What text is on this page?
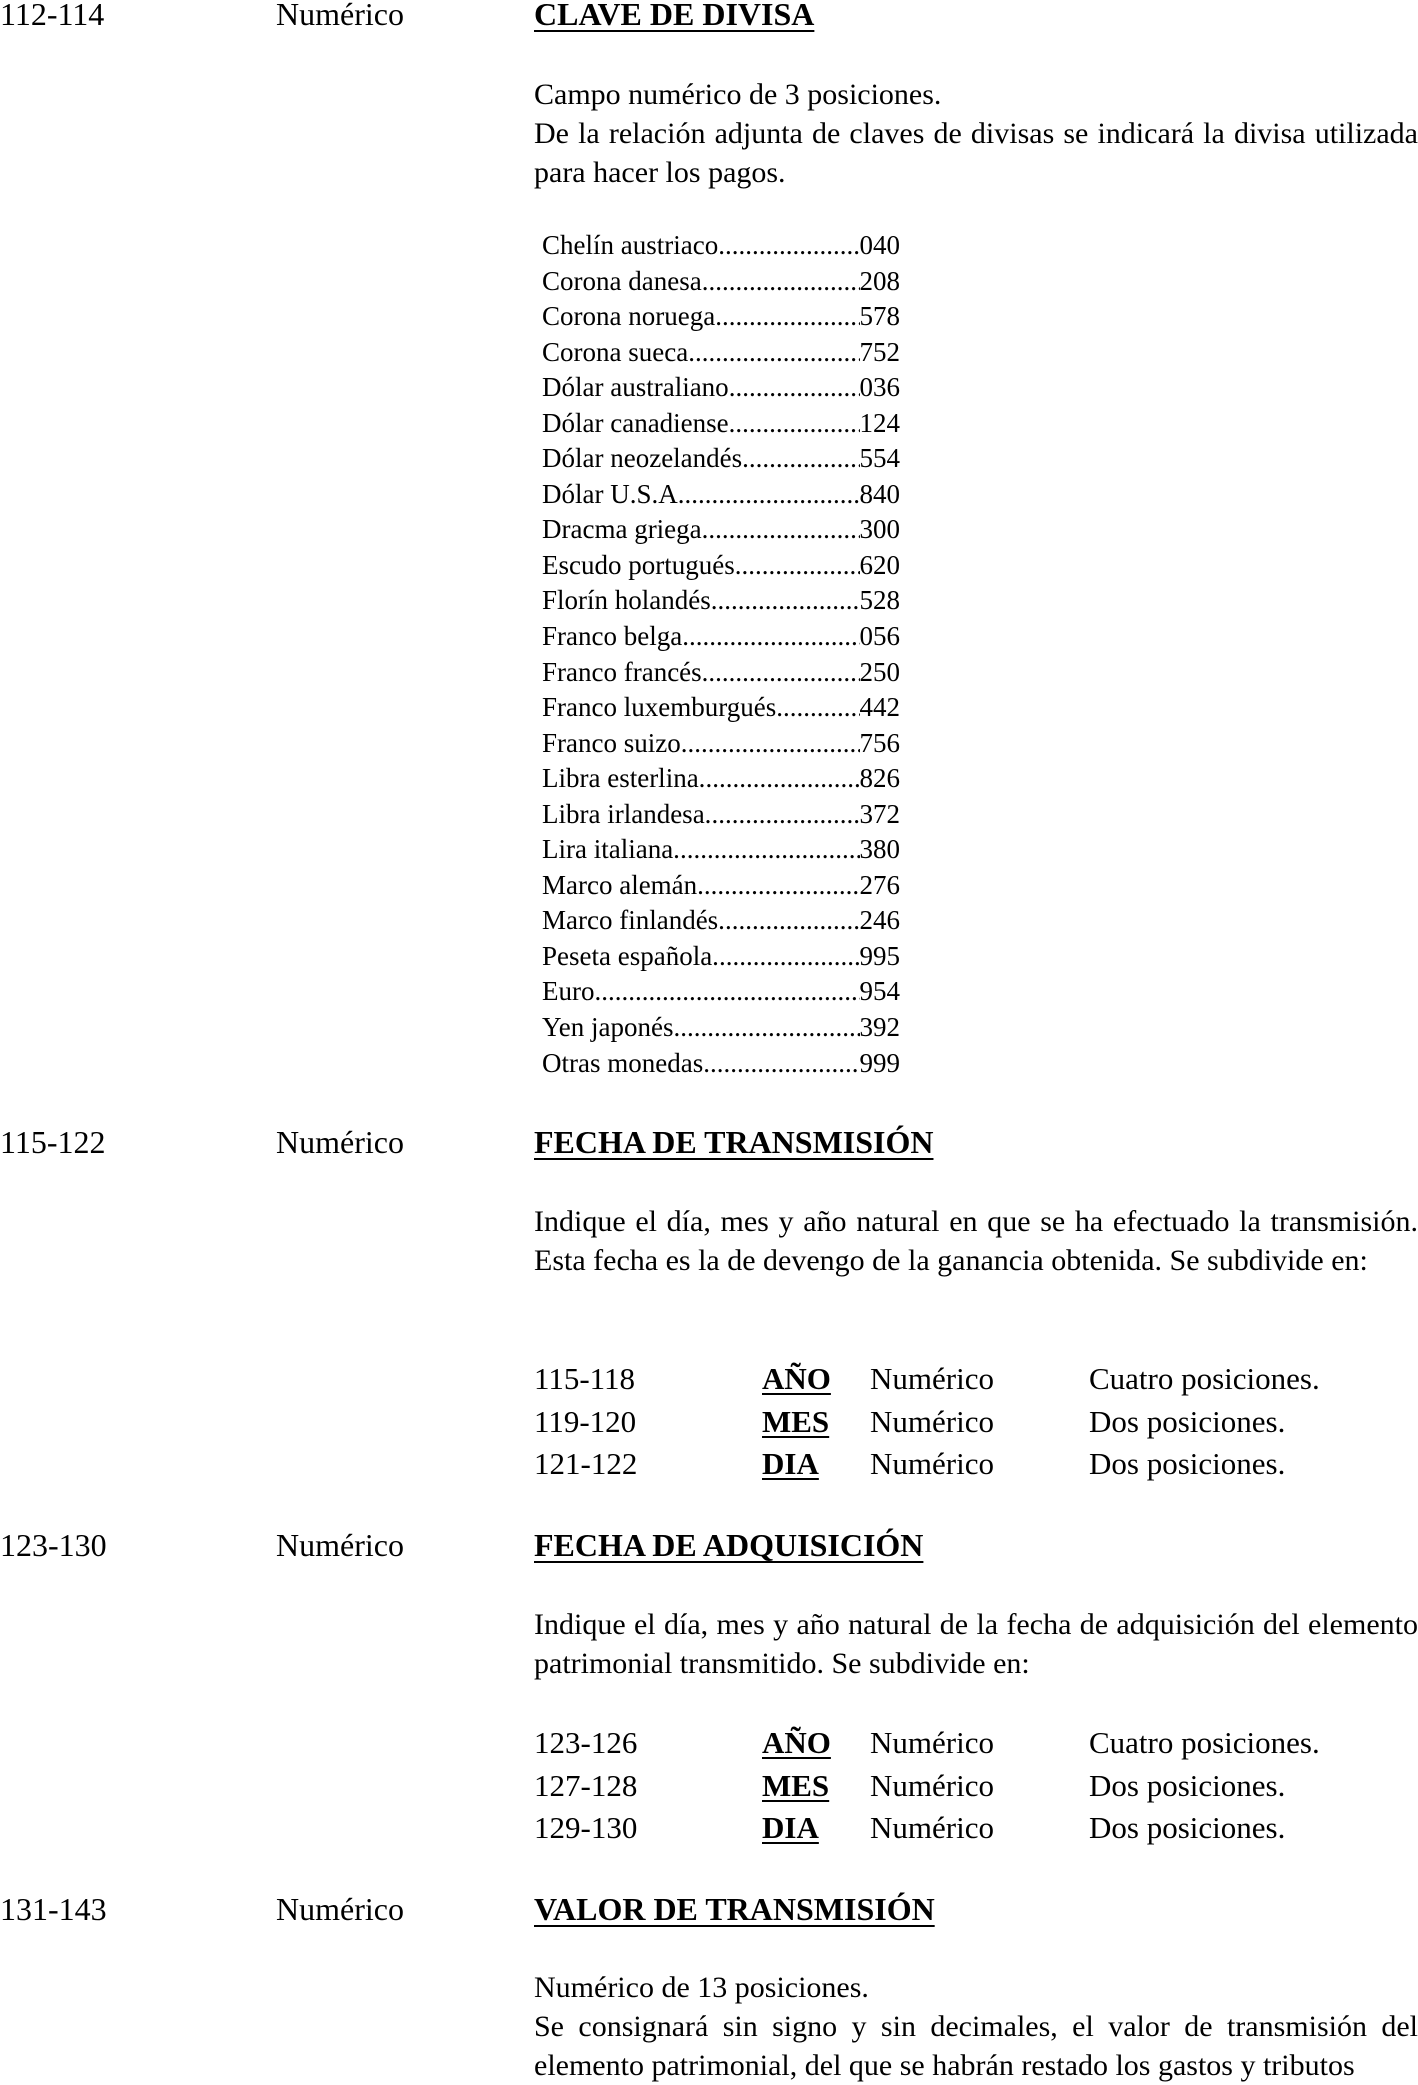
112-114	Numérico	CLAVE DE DIVISA
Campo numérico de 3 posiciones.
De la relación adjunta de claves de divisas se indicará la divisa utilizada para hacer los pagos.
Chelín austriaco .....	040
Corona danesa .....	208
Corona noruega .....	578
Corona sueca .....	752
Dólar australiano .....	036
Dólar canadiense .....	124
Dólar neozelandés .....	554
Dólar U.S.A. .....	840
Dracma griega. .....	300
Escudo portugués. .....	620
Florín holandés. .....	528
Franco belga. .....	056
Franco francés. .....	250
Franco luxemburgués .....	442
Franco suizo .....	756
Libra esterlina. .....	826
Libra irlandesa. .....	372
Lira italiana. .....	380
Marco alemán. .....	276
Marco finlandés. .....	246
Peseta española. .....	995
Euro. .....	954
Yen japonés. .....	392
Otras monedas. .....	999
115-122	Numérico	FECHA DE TRANSMISIÓN
Indique el día, mes y año natural en que se ha efectuado la transmisión. Esta fecha es la de devengo de la ganancia obtenida. Se subdivide en:
115-118	AÑO Numérico	Cuatro posiciones.
119-120	MES Numérico	Dos posiciones.
121-122	DIA Numérico	Dos posiciones.
123-130	Numérico	FECHA DE ADQUISICIÓN
Indique el día, mes y año natural de la fecha de adquisición del elemento patrimonial transmitido. Se subdivide en:
123-126	AÑO Numérico	Cuatro posiciones.
127-128	MES Numérico	Dos posiciones.
129-130	DIA Numérico	Dos posiciones.
131-143	Numérico	VALOR DE TRANSMISIÓN
Numérico de 13 posiciones.
Se consignará sin signo y sin decimales, el valor de transmisión del elemento patrimonial, del que se habrán restado los gastos y tributos
